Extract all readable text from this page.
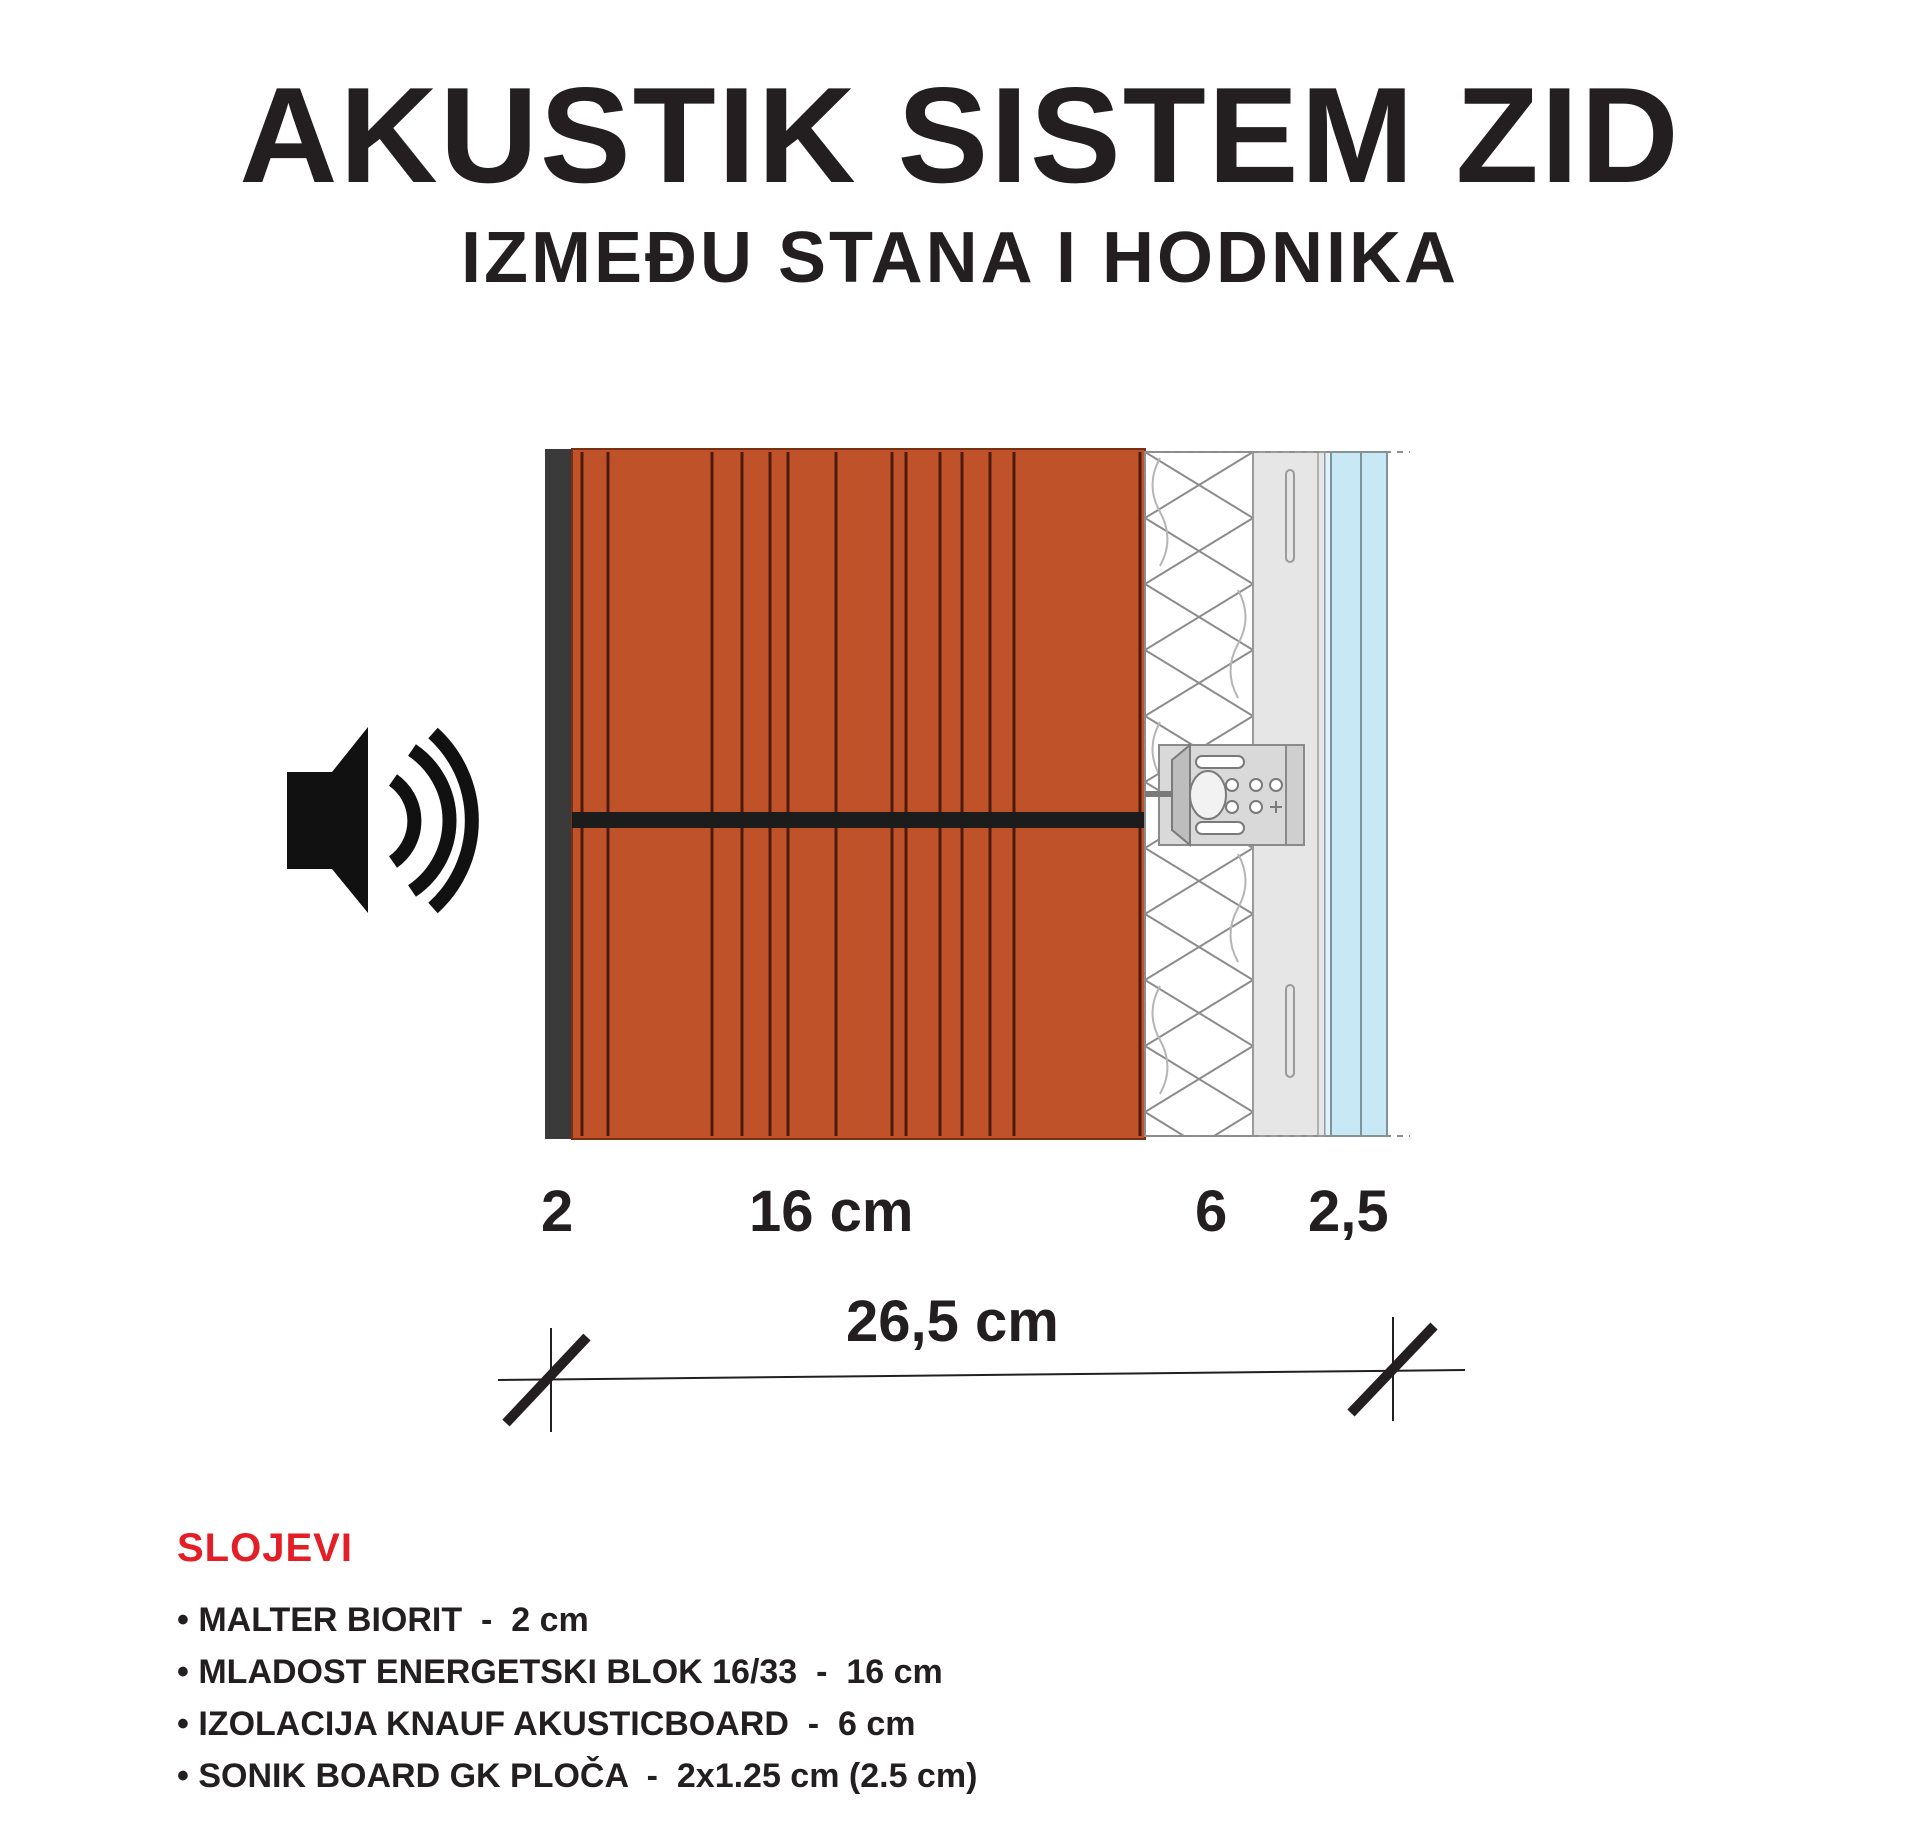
AKUSTIK SISTEM ZID
IZMEĐU STANA I HODNIKA
2	16 cm	6 2,5
26,5 cm
SLOJEVI
• MALTER BIORIT  -  2 cm
• MLADOST ENERGETSKI BLOK 16/33  -  16 cm
• IZOLACIJA KNAUF AKUSTICBOARD  -  6 cm
• SONIK BOARD GK PLOČA  -  2x1.25 cm (2.5 cm)
